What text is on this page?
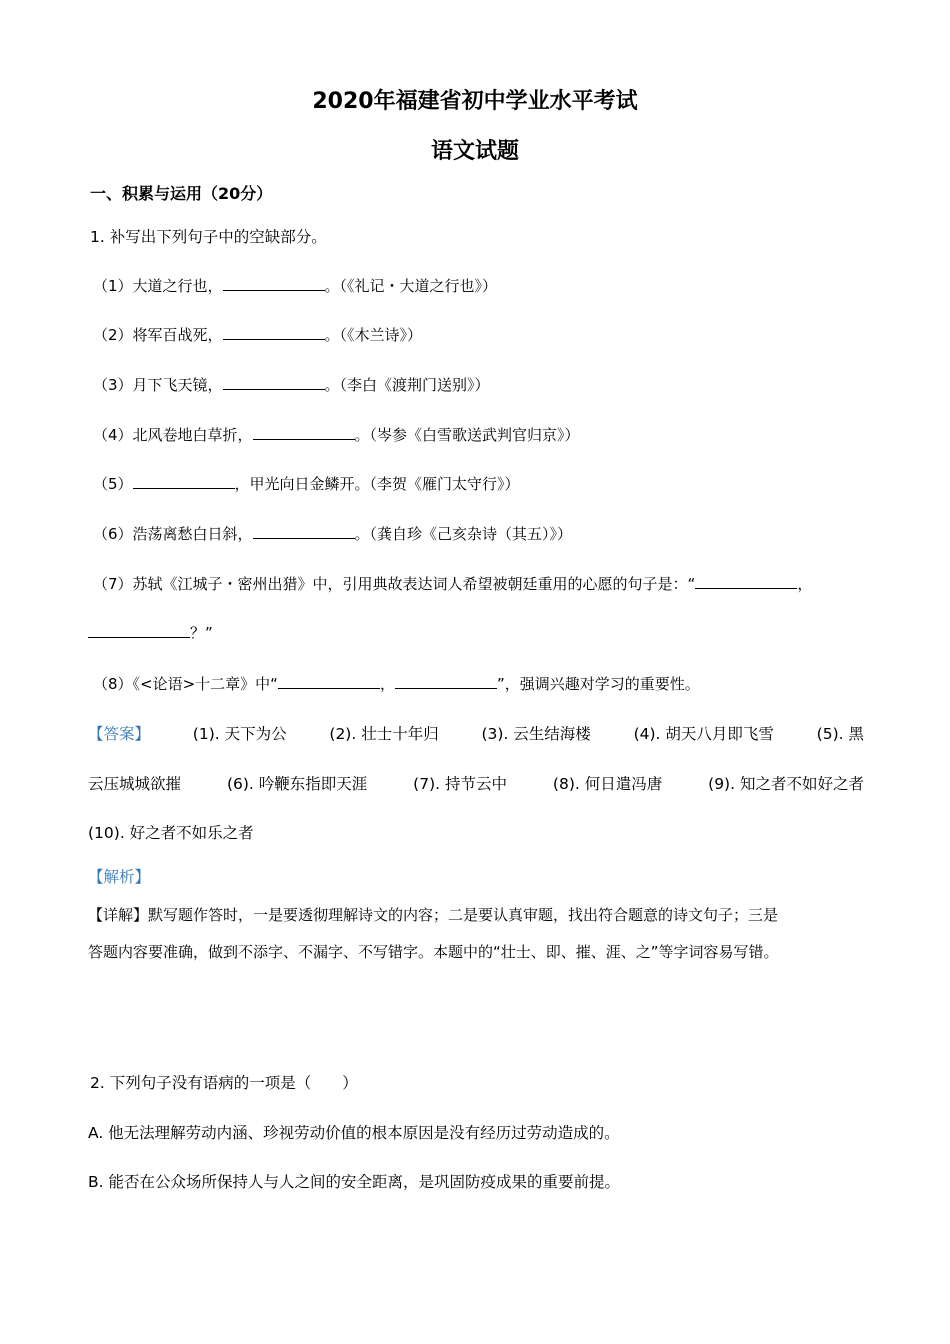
2020年福建省初中学业水平考试
语文试题
一、积累与运用（20分）
1. 补写出下列句子中的空缺部分。
（1）大道之行也，	。（《礼记・大道之行也》）
（2）将军百战死，	。（《木兰诗》）
（3）月下飞天镜，	。（李白《渡荆门送别》）
（4）北风卷地白草折，	。（岑参《白雪歌送武判官归京》）
（5）	，甲光向日金鳞开。（李贺《雁门太守行》）
（6）浩荡离愁白日斜，	。（龚自珍《己亥杂诗（其五）》）
（7）苏轼《江城子・密州出猎》中，引用典故表达词人希望被朝廷重用的心愿的句子是：“	，
？”
（8）《<论语>十二章》中“	，	”，强调兴趣对学习的重要性。
【答案】	(1). 天下为公	(2). 壮士十年归	(3). 云生结海楼	(4). 胡天八月即飞雪	(5). 黑
云压城城欲摧	(6). 吟鞭东指即天涯	(7). 持节云中	(8). 何日遣冯唐	(9). 知之者不如好之者
(10). 好之者不如乐之者
【解析】
【详解】默写题作答时，一是要透彻理解诗文的内容；二是要认真审题，找出符合题意的诗文句子；三是
答题内容要准确，做到不添字、不漏字、不写错字。本题中的“壮士、即、摧、涯、之”等字词容易写错。
2. 下列句子没有语病的一项是（　　）
A. 他无法理解劳动内涵、珍视劳动价值的根本原因是没有经历过劳动造成的。
B. 能否在公众场所保持人与人之间的安全距离，是巩固防疫成果的重要前提。
